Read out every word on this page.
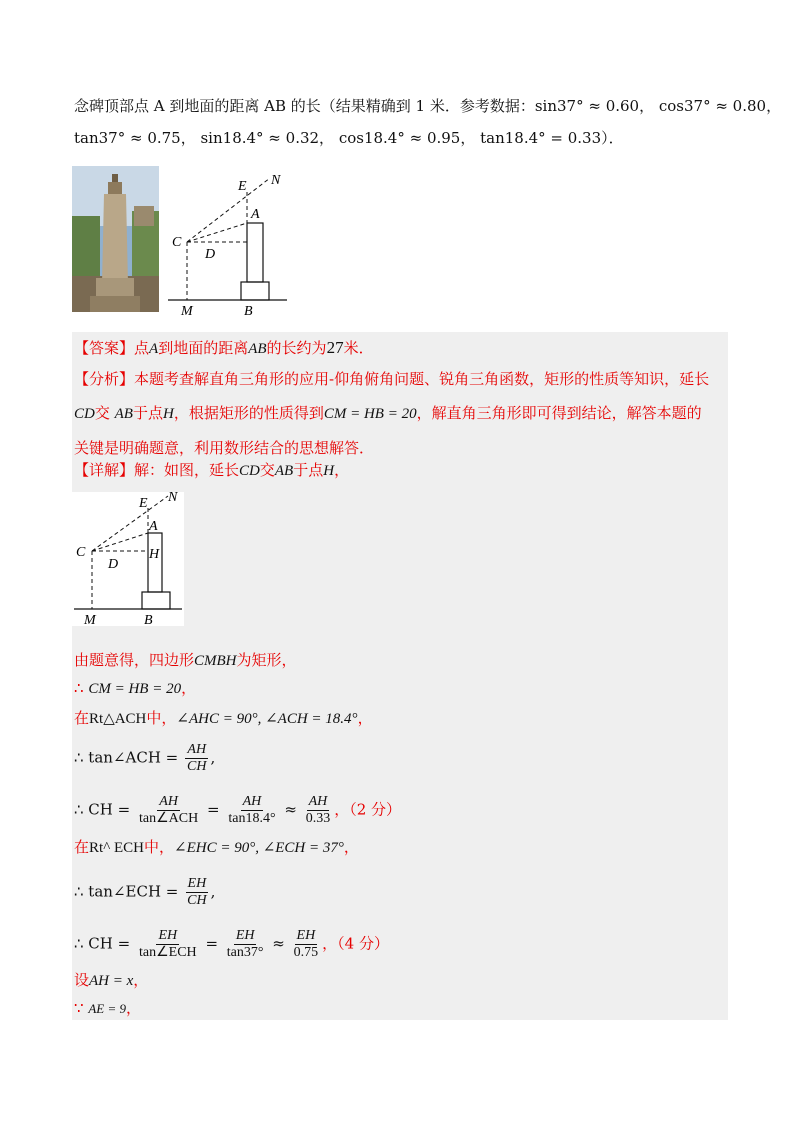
念碑顶部点 A 到地面的距离 AB 的长（结果精确到 1 米．参考数据：sin37° ≈ 0.60， cos37° ≈ 0.80，
tan37° ≈ 0.75， sin18.4° ≈ 0.32， cos18.4° ≈ 0.95， tan18.4° = 0.33）．
E N
A
C
D
M	B
【答案】点A到地面的距离AB的长约为27米．
【分析】本题考查解直角三角形的应用-仰角俯角问题、锐角三角函数，矩形的性质等知识，延长CD交 AB于点H，根据矩形的性质得到CM = HB = 20，解直角三角形即可得到结论，解答本题的关键是明确题意，利用数形结合的思想解答．
【详解】解：如图，延长CD交AB于点H，
E N
A
H
C
D
M	B
由题意得，四边形CMBH为矩形，
∴ CM = HB = 20，
在Rt△ACH中，∠AHC = 90°, ∠ACH = 18.4°，
∴ tan∠ACH = $\frac{AH}{CH}$ ,
∴ CH = $\frac{AH}{\text{tan∠ACH}} = \frac{AH}{\tan 18.4^\circ} \approx \frac{AH}{0.33}$ ，（2 分）
在Rt^ ECH中，∠EHC = 90°, ∠ECH = 37°，
∴ tan∠ECH = $\frac{EH}{CH}$ ,
∴ CH = $\frac{EH}{\text{tan∠ECH}} = \frac{EH}{\tan 37^\circ} \approx \frac{EH}{0.75}$ ，（4 分）
设AH = x，
∵ AE = 9，
